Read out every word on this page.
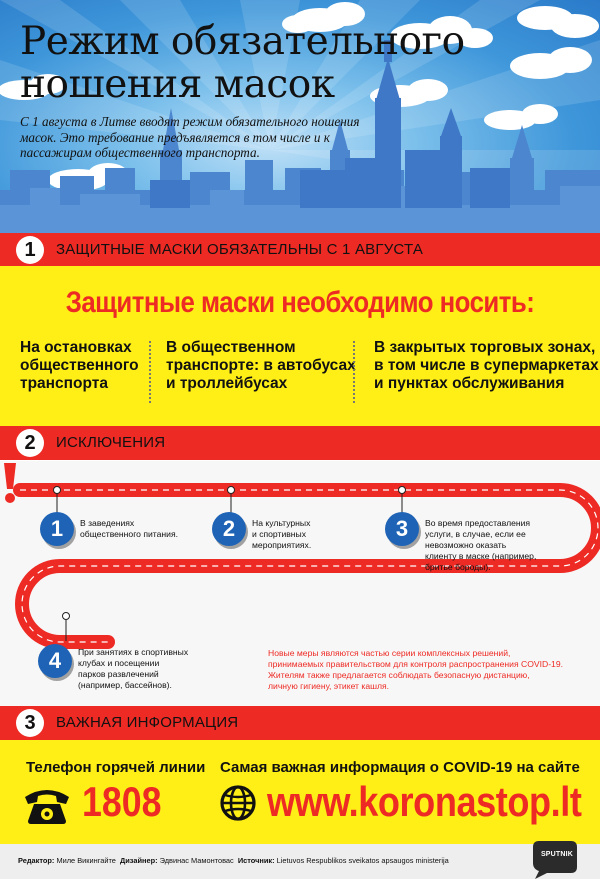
Режим обязательного
ношения масок
С 1 августа в Литве вводят режим обязательного ношения масок. Это требование предъявляется в том числе и к пассажирам общественного транспорта.
1	ЗАЩИТНЫЕ МАСКИ ОБЯЗАТЕЛЬНЫ С 1 АВГУСТА
Защитные маски необходимо носить:
На остановках
общественного
транспорта
В общественном
транспорте: в автобусах
и троллейбусах
В закрытых торговых зонах,
в том числе в супермаркетах
и пунктах обслуживания
2	ИСКЛЮЧЕНИЯ
1	В заведениях
общественного питания.	2	На культурных
и спортивных
мероприятиях.
3	Во время предоставления
услуги, в случае, если ее
невозможно оказать
клиенту в маске (например,
бритье бороды).
4	При занятиях в спортивных
клубах и посещении
парков развлечений
(например, бассейнов).
Новые меры являются частью серии комплексных решений,
принимаемых правительством для контроля распространения COVID-19.
Жителям также предлагается соблюдать безопасную дистанцию,
личную гигиену, этикет кашля.
3	ВАЖНАЯ ИНФОРМАЦИЯ
Телефон горячей линии
1808
Самая важная информация о COVID-19 на сайте
www.koronastop.lt
Редактор: Миле Викингайте Дизайнер: Эдвинас Мамонтовас Источник: Lietuvos Respublikos sveikatos apsaugos ministerija
SPUTNIK
